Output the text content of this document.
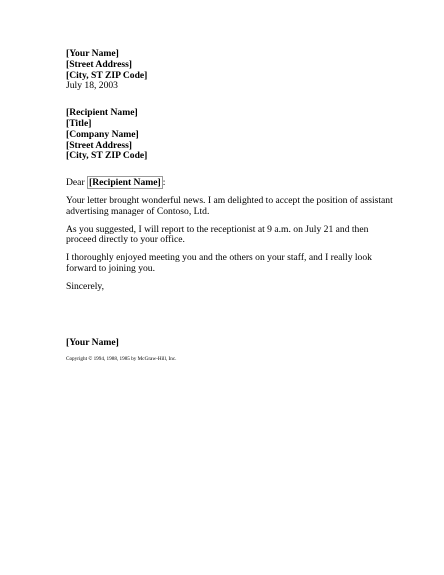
[Your Name]
[Street Address]
[City, ST ZIP Code]
July 18, 2003
[Recipient Name]
[Title]
[Company Name]
[Street Address]
[City, ST ZIP Code]

Dear [Recipient Name] :

Your letter brought wonderful news. I am delighted to accept the position of assistant advertising manager of Contoso, Ltd.

As you suggested, I will report to the receptionist at 9 a.m. on July 21 and then proceed directly to your office.

I thoroughly enjoyed meeting you and the others on your staff, and I really look forward to joining you.

Sincerely,

[Your Name]
Copyright © 1994, 1988, 1985 by McGraw-Hill, Inc.
